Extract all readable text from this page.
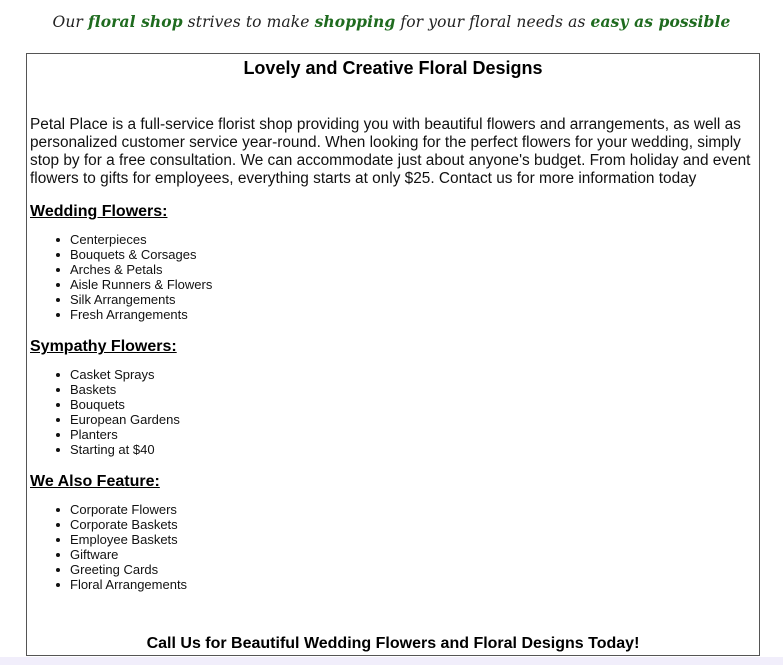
Our floral shop strives to make shopping for your floral needs as easy as possible
Lovely and Creative Floral Designs

Petal Place is a full-service florist shop providing you with beautiful flowers and arrangements, as well as personalized customer service year-round. When looking for the perfect flowers for your wedding, simply stop by for a free consultation. We can accommodate just about anyone's budget. From holiday and event flowers to gifts for employees, everything starts at only $25. Contact us for more information today

Wedding Flowers:
Centerpieces
Bouquets & Corsages
Arches & Petals
Aisle Runners & Flowers
Silk Arrangements
Fresh Arrangements
Sympathy Flowers:
Casket Sprays
Baskets
Bouquets
European Gardens
Planters
Starting at $40
We Also Feature:
Corporate Flowers
Corporate Baskets
Employee Baskets
Giftware
Greeting Cards
Floral Arrangements
Call Us for Beautiful Wedding Flowers and Floral Designs Today!
